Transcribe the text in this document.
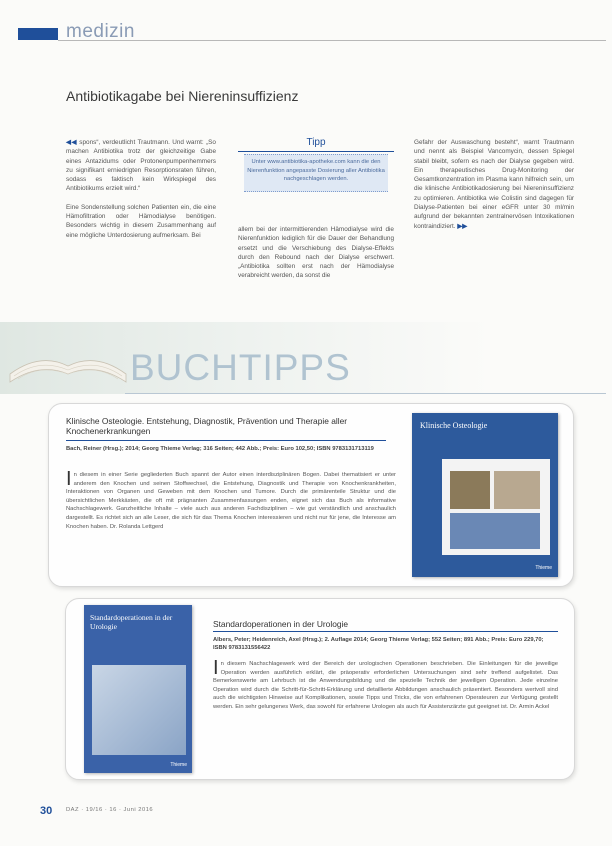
medizin
Antibiotikagabe bei Niereninsuffizienz

◀◀ spons“, verdeutlicht Trautmann. Und warnt: „So machen Antibiotika trotz der gleichzeitige Gabe eines Antazidums oder Protonenpumpenhemmers zu signifikant erniedrigten Resorptionsraten führen, sodass es faktisch kein Wirkspiegel des Antibiotikums erzielt wird.“

Eine Sondenstellung solchen Patienten ein, die eine Hämofiltration oder Hämodialyse benötigen. Besonders wichtig in diesem Zusammenhang auf eine mögliche Unterdosierung aufmerksam. Bei

Tipp
Unter www.antibiotika-apotheke.com kann die den Nierenfunktion angepasste Dosierung aller Antibiotika nachgeschlagen werden.
allem bei der intermittierenden Hämodialyse wird die Nierenfunktion lediglich für die Dauer der Behandlung ersetzt und die Verschiebung des Dialyse-Effekts durch den Rebound nach der Dialyse erschwert. „Antibiotika sollten erst nach der Hämodialyse verabreicht werden, da sonst die
Gefahr der Auswaschung besteht“, warnt Trautmann und nennt als Beispiel Vancomycin, dessen Spiegel stabil bleibt, sofern es nach der Dialyse gegeben wird. Ein therapeutisches Drug-Monitoring der Gesamtkonzentration im Plasma kann hilfreich sein, um die klinische Antibiotikadosierung bei Niereninsuffizienz zu optimieren. Antibiotika wie Colistin sind dagegen für Dialyse-Patienten bei einer eGFR unter 30 ml/min aufgrund der bekannten zentralnervösen Intoxikationen kontraindiziert. ▶▶
BUCHTIPPS
Klinische Osteologie. Entstehung, Diagnostik, Prävention und Therapie aller Knochenerkrankungen
Bach, Reiner (Hrsg.); 2014; Georg Thieme Verlag; 316 Seiten; 442 Abb.; Preis: Euro 102,50; ISBN 9783131713119
In diesem in einer Serie gegliederten Buch spannt der Autor einen interdisziplinären Bogen. Dabei thematisiert er unter anderem den Knochen und seinen Stoffwechsel, die Entstehung, Diagnostik und Therapie von Knochenkrankheiten, Interaktionen von Organen und Geweben mit dem Knochen und Tumore. Durch die primärenteile Struktur und die übersichtlichen Merkkästen, die oft mit prägnanten Zusammenfassungen enden, eignet sich das Buch als informative Nachschlagewerk. Ganzheitliche Inhalte – viele auch aus anderen Fachdisziplinen – wie gut verständlich und anschaulich dargestellt. Es richtet sich an alle Leser, die sich für das Thema Knochen interessieren und nicht nur für jene, die Interesse am Knochen haben. Dr. Rolanda Lettgerd
Klinische Osteologie
Thieme
Standardoperationen in der Urologie
Thieme
Standardoperationen in der Urologie
Albers, Peter; Heidenreich, Axel (Hrsg.); 2. Auflage 2014; Georg Thieme Verlag; 552 Seiten; 891 Abb.; Preis: Euro 229,70; ISBN 9783131556422
In diesem Nachschlagewerk wird der Bereich der urologischen Operationen beschrieben. Die Einleitungen für die jeweilige Operation werden ausführlich erklärt, die präoperativ erforderlichen Untersuchungen sind sehr treffend aufgelistet. Das Bemerkenswerte am Lehrbuch ist die Anwendungsbildung und die spezielle Technik der jeweiligen Operation. Jede einzelne Operation wird durch die Schritt-für-Schritt-Erklärung und detaillierte Abbildungen anschaulich präsentiert. Besonders wertvoll sind auch die wichtigsten Hinweise auf Komplikationen, sowie Tipps und Tricks, die von erfahrenen Operateuren zur Verfügung gestellt werden. Ein sehr gelungenes Werk, das sowohl für erfahrene Urologen als auch für Assistenzärzte gut geeignet ist. Dr. Armin Ackel
30 DAZ · 19/16 · 16 · Juni 2016
